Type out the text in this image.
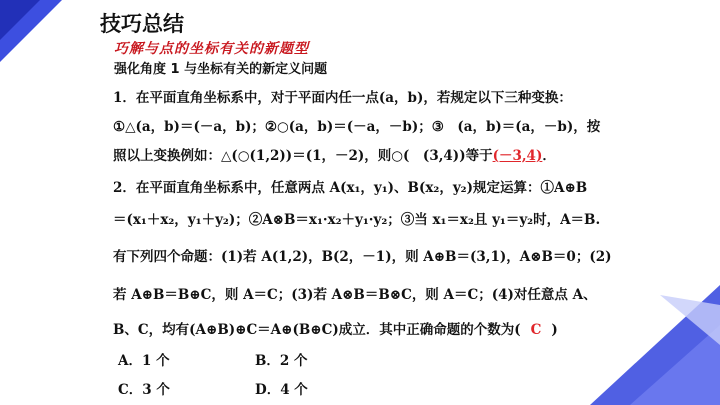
技巧总结
巧解与点的坐标有关的新题型
强化角度 1 与坐标有关的新定义问题
1．在平面直角坐标系中，对于平面内任一点(a，b)，若规定以下三种变换：
①△(a，b)＝(－a，b)；②○(a，b)＝(－a，－b)；③　(a，b)＝(a，－b)，按
照以上变换例如：△(○(1,2))＝(1，－2)，则○(　(3,4))等于(－3,4)．
2．在平面直角坐标系中，任意两点 A(x₁，y₁)、B(x₂，y₂)规定运算：①A⊕B
＝(x₁＋x₂，y₁＋y₂)；②A⊗B＝x₁·x₂＋y₁·y₂；③当 x₁＝x₂且 y₁＝y₂时，A＝B.
有下列四个命题：(1)若 A(1,2)，B(2，－1)，则 A⊕B＝(3,1)，A⊗B＝0；(2)
若 A⊕B＝B⊕C，则 A＝C；(3)若 A⊗B＝B⊗C，则 A＝C；(4)对任意点 A、
B、C，均有(A⊕B)⊕C＝A⊕(B⊕C)成立．其中正确命题的个数为( C )
A．1 个	B．2 个
C．3 个	D．4 个
